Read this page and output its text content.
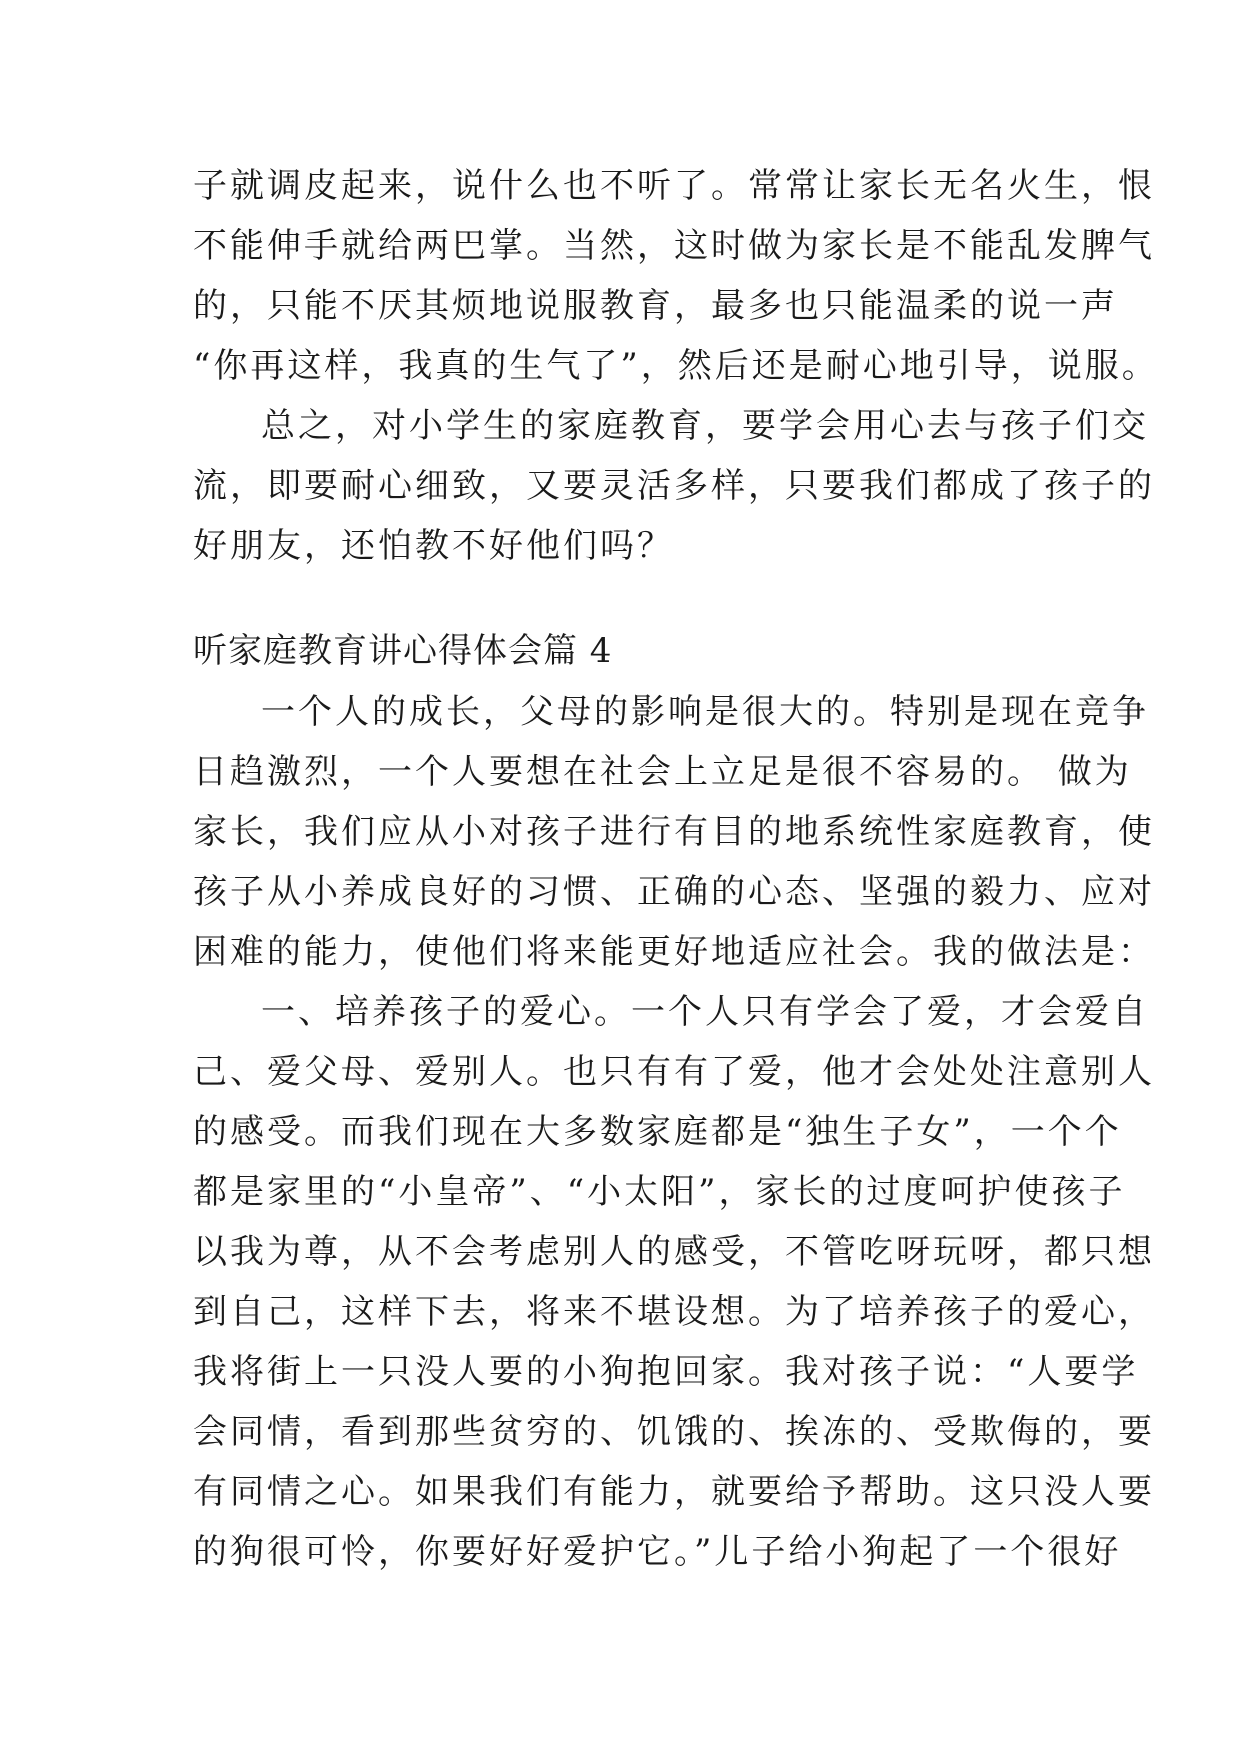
子就调皮起来，说什么也不听了。常常让家长无名火生，恨
不能伸手就给两巴掌。当然，这时做为家长是不能乱发脾气
的，只能不厌其烦地说服教育，最多也只能温柔的说一声
“你再这样，我真的生气了”，然后还是耐心地引导，说服。
总之，对小学生的家庭教育，要学会用心去与孩子们交
流，即要耐心细致，又要灵活多样，只要我们都成了孩子的
好朋友，还怕教不好他们吗？
听家庭教育讲心得体会篇 4
一个人的成长，父母的影响是很大的。特别是现在竞争
日趋激烈，一个人要想在社会上立足是很不容易的。 做为
家长，我们应从小对孩子进行有目的地系统性家庭教育，使
孩子从小养成良好的习惯、正确的心态、坚强的毅力、应对
困难的能力，使他们将来能更好地适应社会。我的做法是：
一、培养孩子的爱心。一个人只有学会了爱，才会爱自
己、爱父母、爱别人。也只有有了爱，他才会处处注意别人
的感受。而我们现在大多数家庭都是“独生子女”，一个个
都是家里的“小皇帝”、“小太阳”，家长的过度呵护使孩子
以我为尊，从不会考虑别人的感受，不管吃呀玩呀，都只想
到自己，这样下去，将来不堪设想。为了培养孩子的爱心，
我将街上一只没人要的小狗抱回家。我对孩子说：“人要学
会同情，看到那些贫穷的、饥饿的、挨冻的、受欺侮的，要
有同情之心。如果我们有能力，就要给予帮助。这只没人要
的狗很可怜，你要好好爱护它。”儿子给小狗起了一个很好
